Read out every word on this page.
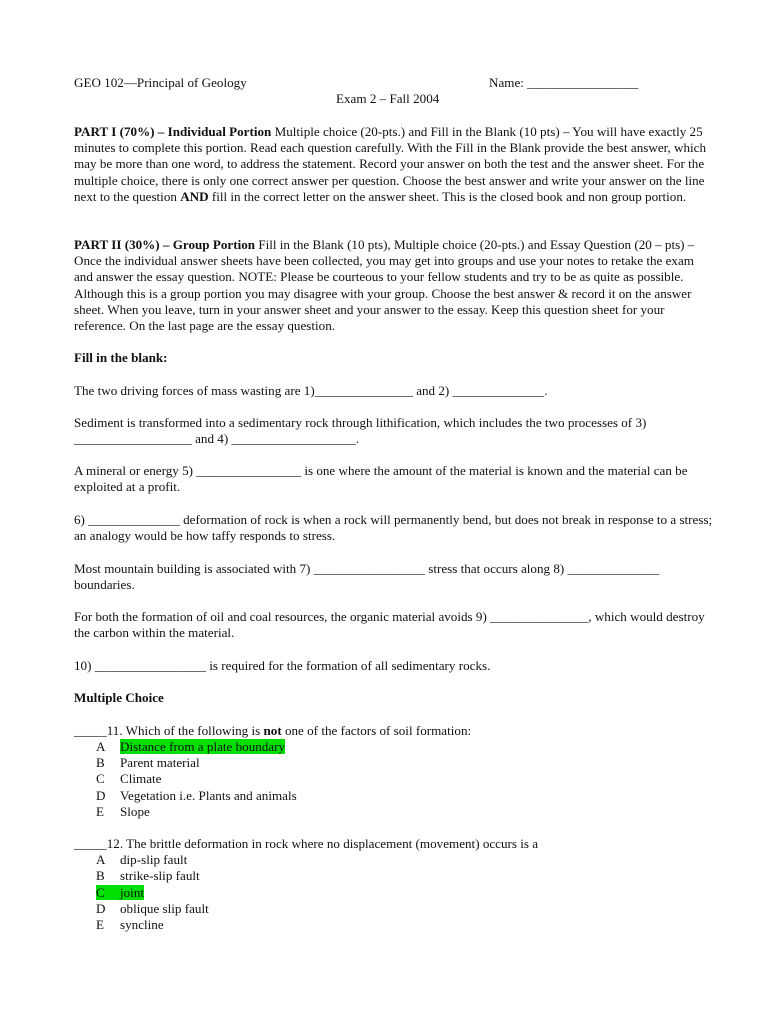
GEO 102—Principal of Geology	Name: _________________
Exam 2 – Fall 2004
PART I (70%) – Individual Portion Multiple choice (20-pts.) and Fill in the Blank (10 pts) – You will have exactly 25 minutes to complete this portion. Read each question carefully. With the Fill in the Blank provide the best answer, which may be more than one word, to address the statement. Record your answer on both the test and the answer sheet. For the multiple choice, there is only one correct answer per question. Choose the best answer and write your answer on the line next to the question AND fill in the correct letter on the answer sheet. This is the closed book and non group portion.
PART II (30%) – Group Portion Fill in the Blank (10 pts), Multiple choice (20-pts.) and Essay Question (20 – pts) – Once the individual answer sheets have been collected, you may get into groups and use your notes to retake the exam and answer the essay question. NOTE: Please be courteous to your fellow students and try to be as quite as possible. Although this is a group portion you may disagree with your group. Choose the best answer & record it on the answer sheet. When you leave, turn in your answer sheet and your answer to the essay. Keep this question sheet for your reference. On the last page are the essay question.
Fill in the blank:
The two driving forces of mass wasting are 1)_______________ and 2) ______________.
Sediment is transformed into a sedimentary rock through lithification, which includes the two processes of 3) __________________ and 4) ___________________.
A mineral or energy 5) ________________ is one where the amount of the material is known and the material can be exploited at a profit.
6) ______________ deformation of rock is when a rock will permanently bend, but does not break in response to a stress; an analogy would be how taffy responds to stress.
Most mountain building is associated with 7) _________________ stress that occurs along 8) ______________ boundaries.
For both the formation of oil and coal resources, the organic material avoids 9) _______________, which would destroy the carbon within the material.
10) _________________ is required for the formation of all sedimentary rocks.
Multiple Choice
_____11. Which of the following is not one of the factors of soil formation:
A Distance from a plate boundary
B Parent material
C Climate
D Vegetation i.e. Plants and animals
E Slope
_____12. The brittle deformation in rock where no displacement (movement) occurs is a
A dip-slip fault
B strike-slip fault
C joint
D oblique slip fault
E syncline
